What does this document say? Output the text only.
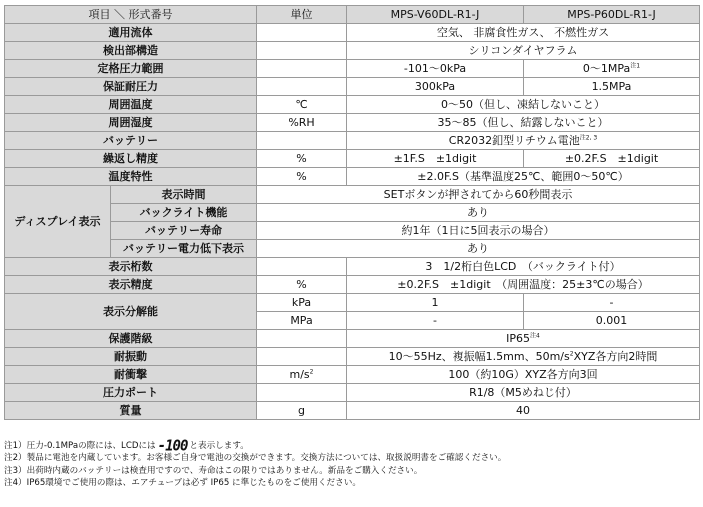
項目 ＼ 形式番号		単位	MPS-V60DL-R1-J	MPS-P60DL-R1-J
適用流体			空気、 非腐食性ガス、 不燃性ガス	
検出部構造			シリコンダイヤフラム	
定格圧力範囲			-101〜0kPa	0〜1MPa$^{注1}$
保証耐圧力			300kPa	1.5MPa
周囲温度		℃	0〜50（但し、凍結しないこと）	
周囲湿度		%RH	35〜85（但し、結露しないこと）	
バッテリー			CR2032釦型リチウム電池$^{注2, 3}$
繰返し精度		%	±1F.S　±1digit	±0.2F.S　±1digit
温度特性		%	±2.0F.S（基準温度25℃、範囲0〜50℃）	
ディスプレイ表示	表示時間	SETボタンが押されてから60秒間表示		
	バックライト機能	あり		
	バッテリー寿命	約1年（1日に5回表示の場合）		
	バッテリー電力低下表示	あり		
表示桁数			3　1/2桁白色LCD　（バックライト付）	
表示精度		%	±0.2F.S　±1digit　（周囲温度：25±3℃の場合）	
表示分解能		kPa	1	-
		MPa	-	0.001
保護階級			IP65$^{注4}$
耐振動			10〜55Hz、複振幅1.5mm、$50m/s^2XYZ$各方向2時間	
耐衝撃		$m/s^2$	100（約10G）XYZ各方向3回	
圧力ポート			R1/8（M5めねじ付）	
質量		g	40	
注1）圧力-0.1MPaの際には、LCDには -100 と表示します。
注2）製品に電池を内蔵しています。お客様ご自身で電池の交換ができます。交換方法については、取扱説明書をご確認ください。
注3）出荷時内蔵のバッテリーは検査用ですので、寿命はこの限りではありません。新品をご購入ください。
注4）IP65環境でご使用の際は、エアチューブは必ず IP65 に準じたものをご使用ください。
